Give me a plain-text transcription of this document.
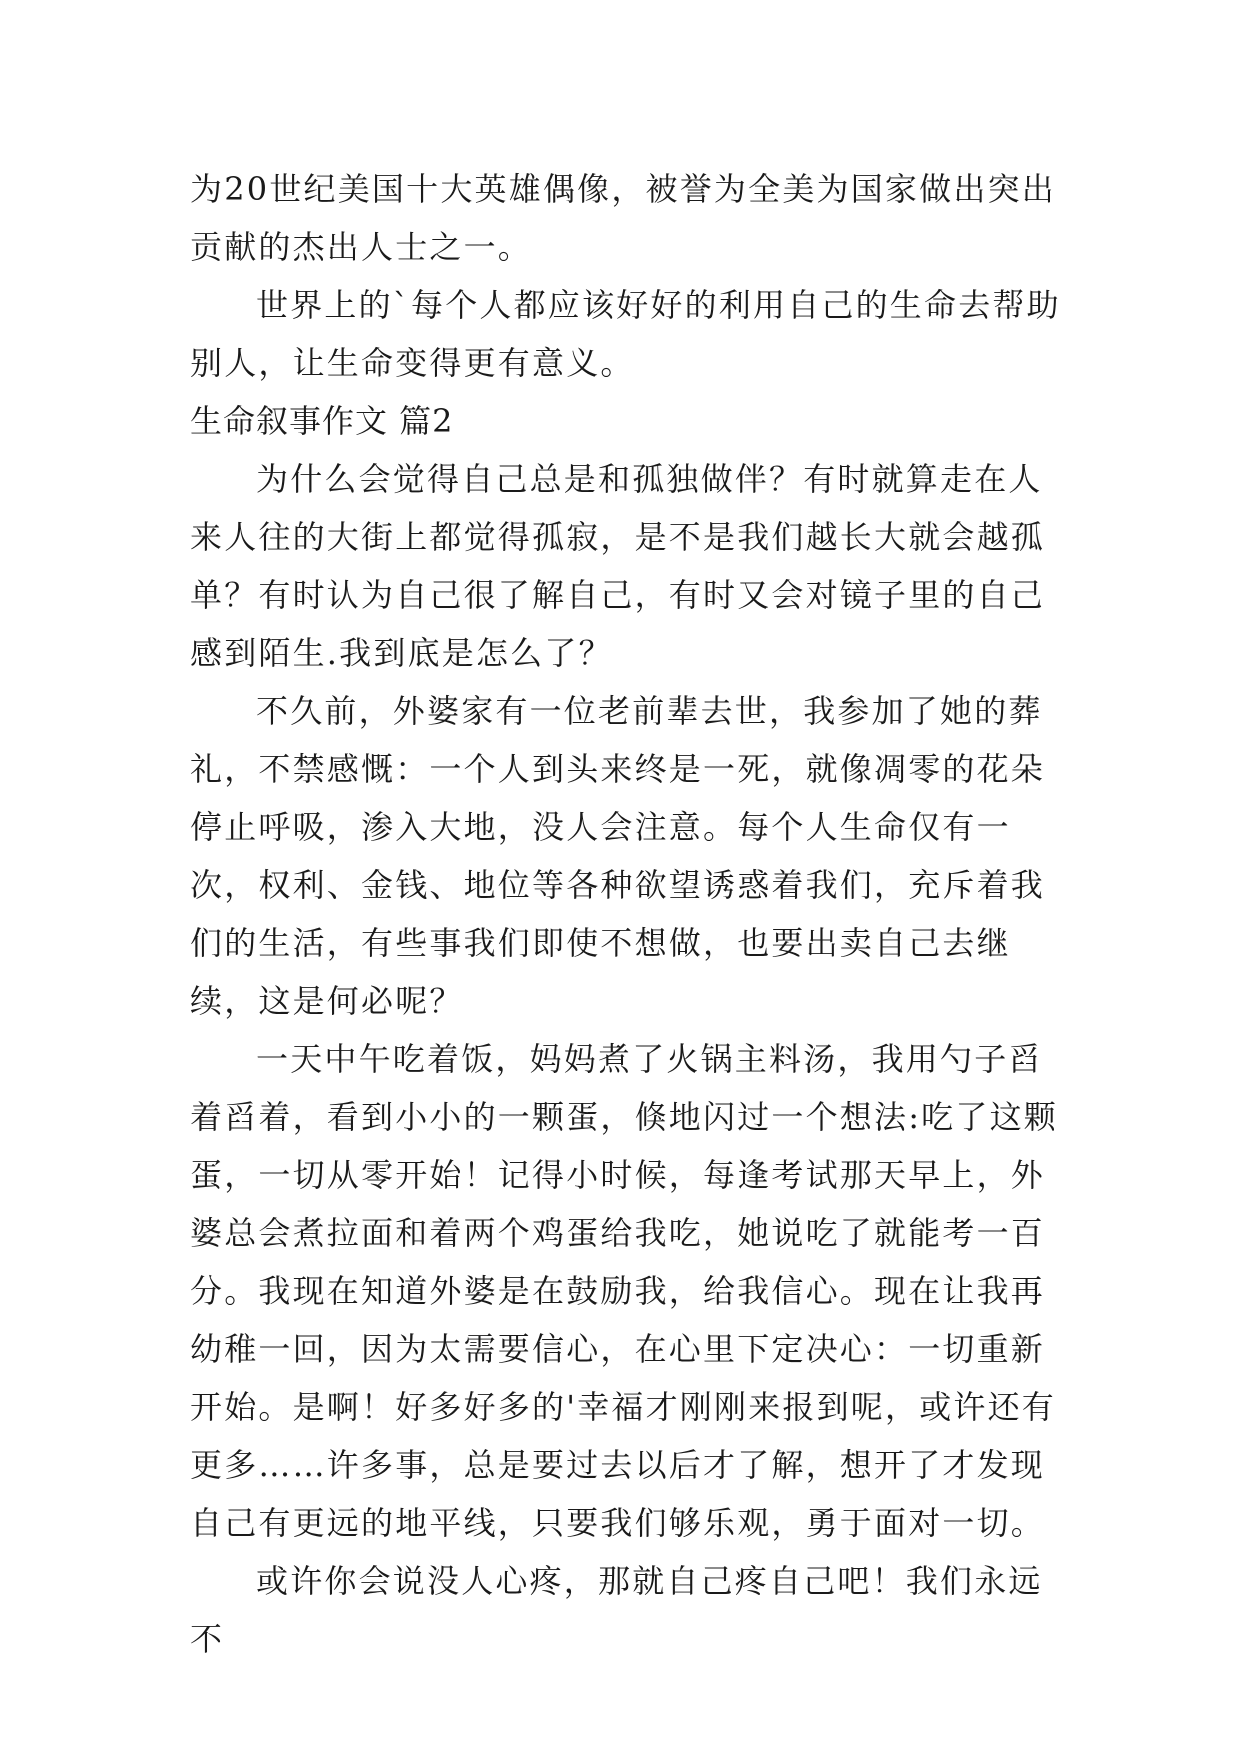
为20世纪美国十大英雄偶像，被誉为全美为国家做出突出贡献的杰出人士之一。

世界上的`每个人都应该好好的利用自己的生命去帮助别人，让生命变得更有意义。

生命叙事作文 篇2

为什么会觉得自己总是和孤独做伴？有时就算走在人来人往的大街上都觉得孤寂，是不是我们越长大就会越孤单？有时认为自己很了解自己，有时又会对镜子里的自己感到陌生.我到底是怎么了？

不久前，外婆家有一位老前辈去世，我参加了她的葬礼，不禁感慨：一个人到头来终是一死，就像凋零的花朵停止呼吸，渗入大地，没人会注意。每个人生命仅有一次，权利、金钱、地位等各种欲望诱惑着我们，充斥着我们的生活，有些事我们即使不想做，也要出卖自己去继续，这是何必呢？

一天中午吃着饭，妈妈煮了火锅主料汤，我用勺子舀着舀着，看到小小的一颗蛋，倏地闪过一个想法:吃了这颗蛋，一切从零开始！记得小时候，每逢考试那天早上，外婆总会煮拉面和着两个鸡蛋给我吃，她说吃了就能考一百分。我现在知道外婆是在鼓励我，给我信心。现在让我再幼稚一回，因为太需要信心，在心里下定决心：一切重新开始。是啊！好多好多的'幸福才刚刚来报到呢，或许还有更多……许多事，总是要过去以后才了解，想开了才发现自己有更远的地平线，只要我们够乐观，勇于面对一切。

或许你会说没人心疼，那就自己疼自己吧！我们永远不
